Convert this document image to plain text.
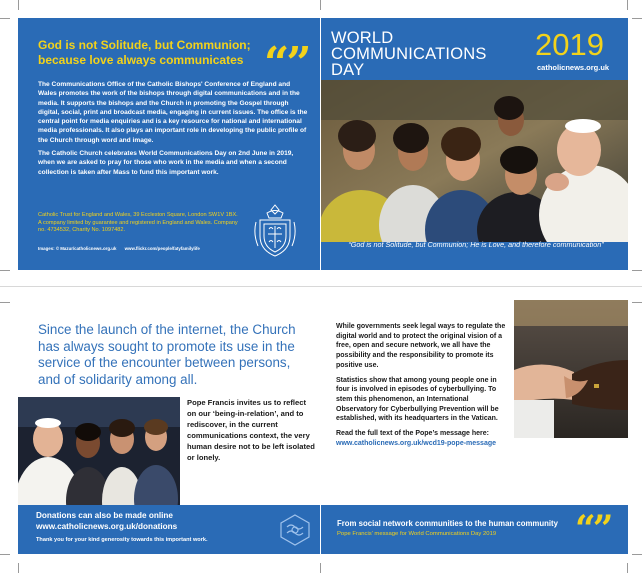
God is not Solitude, but Communion; because love always communicates “”

The Communications Office of the Catholic Bishops' Conference of England and Wales promotes the work of the bishops through digital communications and in the media. It supports the bishops and the Church in promoting the Gospel through digital, social, print and broadcast media, engaging in current issues. The office is the central point for media enquiries and is a key resource for national and international media professionals. It also plays an important role in developing the public profile of the Church through word and image.

The Catholic Church celebrates World Communications Day on 2nd June in 2019, when we are asked to pray for those who work in the media and when a second collection is taken after Mass to fund this important work.

Catholic Trust for England and Wales, 39 Eccleston Square, London SW1V 1BX. A company limited by guarantee and registered in England and Wales. Company no. 4734532, Charity No. 1097482.
Images: © Mazur/catholicnews.org.uk www.flickr.com/people/fatyfamilylife
WORLD COMMUNICATIONS DAY
2019
catholicnews.org.uk
“God is not Solitude, but Communion; He is Love, and therefore communication”
Since the launch of the internet, the Church has always sought to promote its use in the service of the encounter between persons, and of solidarity among all.
Pope Francis invites us to reflect on our ‘being-in-relation’, and to rediscover, in the current communications context, the very human desire not to be left isolated or lonely.

While governments seek legal ways to regulate the digital world and to protect the original vision of a free, open and secure network, we all have the possibility and the responsibility to promote its positive use.

Statistics show that among young people one in four is involved in episodes of cyberbullying. To stem this phenomenon, an International Observatory for Cyberbullying Prevention will be established, with its headquarters in the Vatican.

Read the full text of the Pope’s message here:
www.catholicnews.org.uk/wcd19-pope-message

Donations can also be made online
www.catholicnews.org.uk/donations
Thank you for your kind generosity towards this important work.
From social network communities to the human community
Pope Francis’ message for World Communications Day 2019 “”
